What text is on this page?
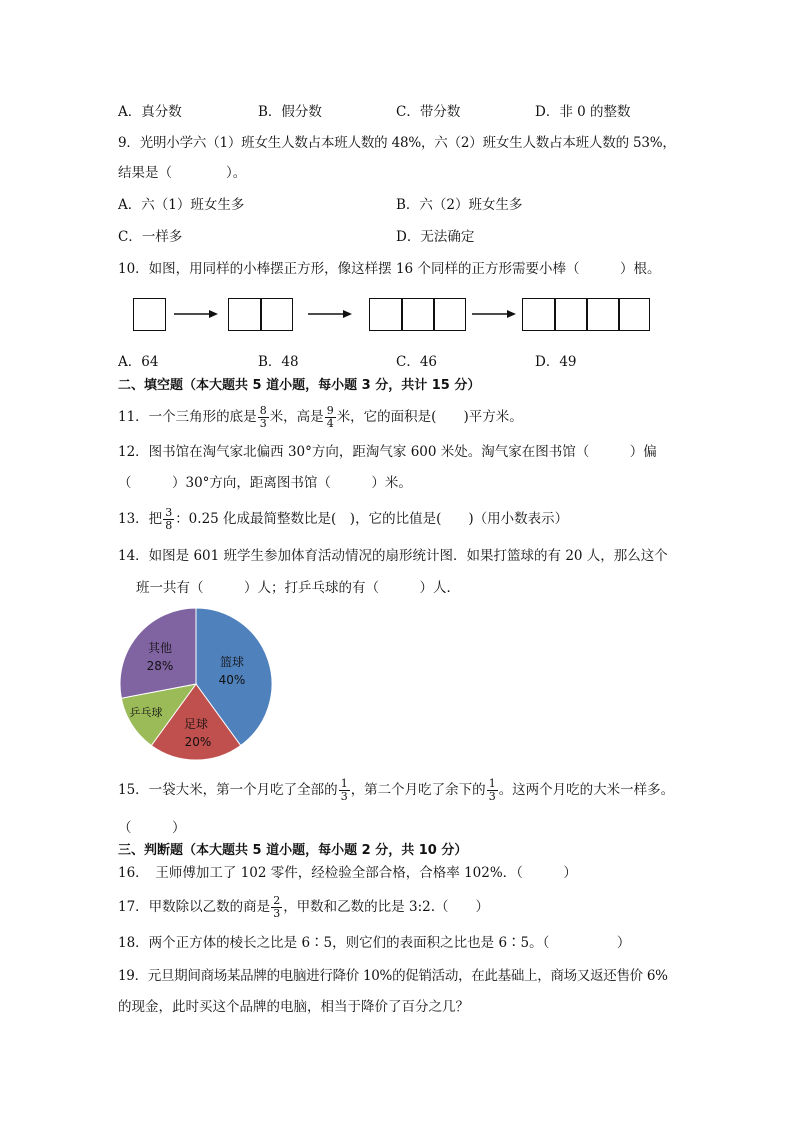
A．真分数	B．假分数	C．带分数	D．非 0 的整数
9．光明小学六（1）班女生人数占本班人数的 48%，六（2）班女生人数占本班人数的 53%，
结果是（　　　　）。
A．六（1）班女生多	B．六（2）班女生多
C．一样多	D．无法确定
10．如图，用同样的小棒摆正方形，像这样摆 16 个同样的正方形需要小棒（　　　）根。
A．64	B．48	C．46	D．49
二、填空题（本大题共 5 道小题，每小题 3 分，共计 15 分）
11．一个三角形的底是 $\frac{8}{3}$ 米，高是 $\frac{9}{4}$ 米，它的面积是(　　)平方米。
12．图书馆在淘气家北偏西 30°方向，距淘气家 600 米处。淘气家在图书馆（　　　）偏
（　　　）30°方向，距离图书馆（　　　）米。
13．把 $\frac{3}{8}$ ：0.25 化成最简整数比是(　)，它的比值是(　　)（用小数表示）
14．如图是 601 班学生参加体育活动情况的扇形统计图．如果打篮球的有 20 人，那么这个
班一共有（　　　）人；打乒乓球的有（　　　）人．
篮球
40%
足球
20%
乒乓球
其他
28%
15．一袋大米，第一个月吃了全部的 $\frac{1}{3}$ ，第二个月吃了余下的 $\frac{1}{3}$ 。这两个月吃的大米一样多。
（　　　）
三、判断题（本大题共 5 道小题，每小题 2 分，共 10 分）
16．　王师傅加工了 102 零件，经检验全部合格，合格率 102%．（　　　）
17．甲数除以乙数的商是 $\frac{2}{3}$ ，甲数和乙数的比是 3:2.（　　）
18．两个正方体的棱长之比是 6∶5，则它们的表面积之比也是 6∶5。（　　　　　）
19．元旦期间商场某品牌的电脑进行降价 10%的促销活动，在此基础上，商场又返还售价 6%
的现金，此时买这个品牌的电脑，相当于降价了百分之几？
